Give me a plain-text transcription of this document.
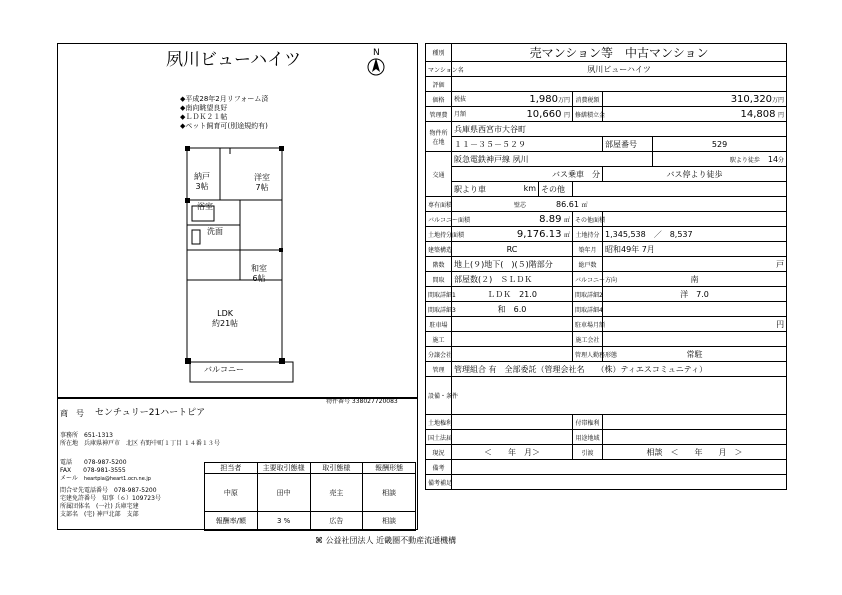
夙川ビューハイツ	N
◆平成28年2月リフォーム済
◆南向眺望良好
◆ＬＤＫ２１帖
◆ペット飼育可(別途規約有)
納戸
3帖
洋室
7帖
浴室
洗面
和室
6帖
LDK
約21帖
バルコニー
物件番号 338027720083
商　号 センチュリー21ハートピア
事務所　 651-1313
所在地　 兵庫県神戸市　北区 有野中町１丁目 １４番１３号
電話　　 078-987-5200
FAX　　 078-981-3555
メール　 heartpia@heart1.ocn.ne.jp
問合せ先電話番号　 078-987-5200
宅建免許番号　 知事（６）109723号
所属団体名　 (一社) 兵庫宅建
支部名　 (宅) 神戸北部　 支部
担当者	主要取引態様	取引態様	報酬形態
中原	田中	売主	相談
報酬率/額	3 %	広告	相談
種別	売マンション等　中古マンション				
マンション名	夙川ビューハイツ				
評価					
価格	税抜 1,980万円		消費税額	310,320万円	
管理費	月額 10,660 円		修繕積立金	14,808 円	
物件所在地	兵庫県西宮市大谷町				
	１１－３５－５２９			部屋番号	529
交通	阪急電鉄神戸線 夙川				駅より徒歩　 14分
	バス乗車　 分			バス停より徒歩	
	駅より車 km	その他			
専有面積	壁芯 86.61 ㎡				
バルコニー面積	8.89 ㎡		その他面積		
土地持分面積	9,176.13 ㎡		土地持分	1,345,538　／　8,537	
建築構造	RC		築年月	昭和49年 7月	
階数	地上(９)地下(　)(５)階部分		総戸数	戸	
間取	部屋数(２)　ＳＬＤＫ		バルコニー方向	南	
間取詳細1	ＬＤＫ　21.0		間取詳細2	洋　7.0	
間取詳細3	和　6.0		間取詳細4		
駐車場			駐車場月額	円	
施工			施工会社		
分譲会社			管理人勤務形態	常駐	
管理	管理組合 有　全部委託（管理会社名　　（株）ティエスコミュニティ）				
設備・条件					
土地権利			付帯権利		
国土法届			用途地域		
現況	＜　　年　月＞		引渡	相談　＜　　年　　月　＞	
備考					
備考補足					
⌘ 公益社団法人 近畿圏不動産流通機構
